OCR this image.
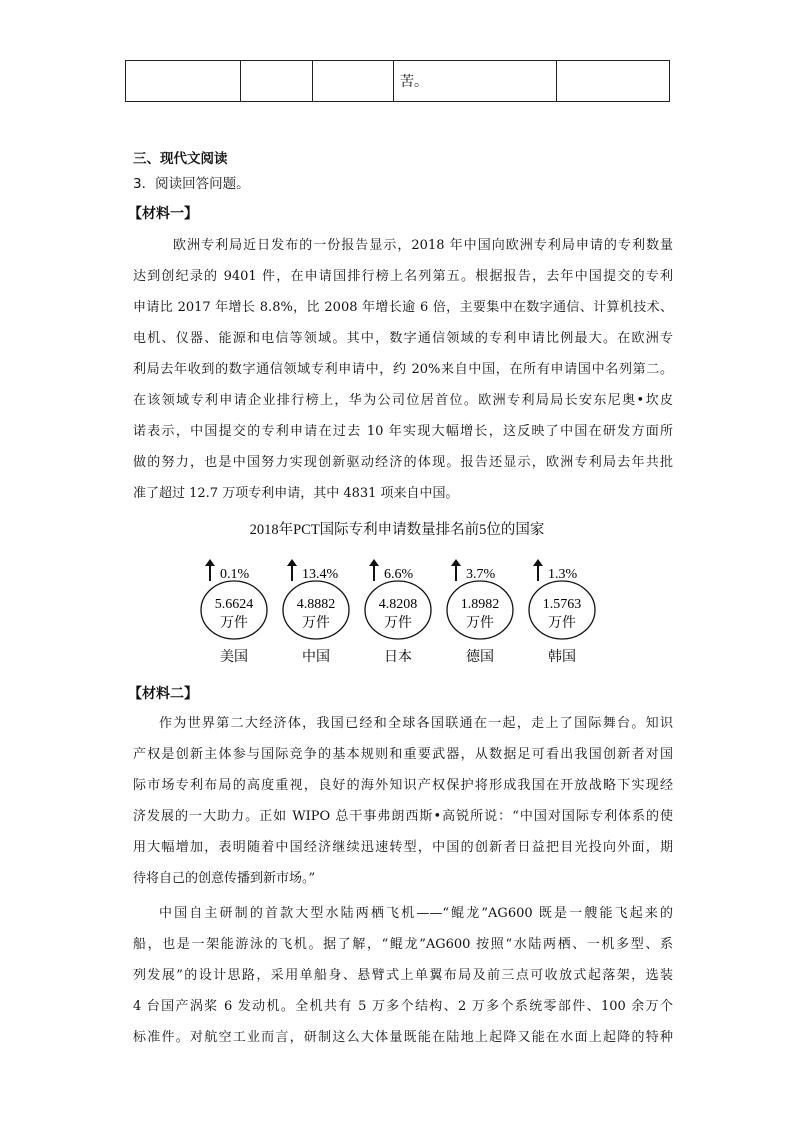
			苦。	
三、现代文阅读
3．阅读回答问题。
【材料一】
欧洲专利局近日发布的一份报告显示，2018 年中国向欧洲专利局申请的专利数量
达到创纪录的 9401 件，在申请国排行榜上名列第五。根据报告，去年中国提交的专利
申请比 2017 年增长 8.8%，比 2008 年增长逾 6 倍，主要集中在数字通信、计算机技术、
电机、仪器、能源和电信等领域。其中，数字通信领域的专利申请比例最大。在欧洲专
利局去年收到的数字通信领域专利申请中，约 20%来自中国，在所有申请国中名列第二。
在该领域专利申请企业排行榜上，华为公司位居首位。欧洲专利局局长安东尼奥•坎皮
诺表示，中国提交的专利申请在过去 10 年实现大幅增长，这反映了中国在研发方面所
做的努力，也是中国努力实现创新驱动经济的体现。报告还显示，欧洲专利局去年共批
准了超过 12.7 万项专利申请，其中 4831 项来自中国。
2018年PCT国际专利申请数量排名前5位的国家
0.1%
5.6624
万件
美国
13.4%
4.8882
万件
中国
6.6%
4.8208
万件
日本
3.7%
1.8982
万件
德国
1.3%
1.5763
万件
韩国
【材料二】
作为世界第二大经济体，我国已经和全球各国联通在一起，走上了国际舞台。知识
产权是创新主体参与国际竞争的基本规则和重要武器，从数据足可看出我国创新者对国
际市场专利布局的高度重视，良好的海外知识产权保护将形成我国在开放战略下实现经
济发展的一大助力。正如 WIPO 总干事弗朗西斯•高锐所说：“中国对国际专利体系的使
用大幅增加，表明随着中国经济继续迅速转型，中国的创新者日益把目光投向外面，期
待将自己的创意传播到新市场。”
中国自主研制的首款大型水陆两栖飞机——“鲲龙”AG600 既是一艘能飞起来的
船，也是一架能游泳的飞机。据了解，“鲲龙”AG600 按照“水陆两栖、一机多型、系
列发展”的设计思路，采用单船身、悬臂式上单翼布局及前三点可收放式起落架，选装
4 台国产涡桨 6 发动机。全机共有 5 万多个结构、2 万多个系统零部件、100 余万个
标准件。对航空工业而言，研制这么大体量既能在陆地上起降又能在水面上起降的特种
